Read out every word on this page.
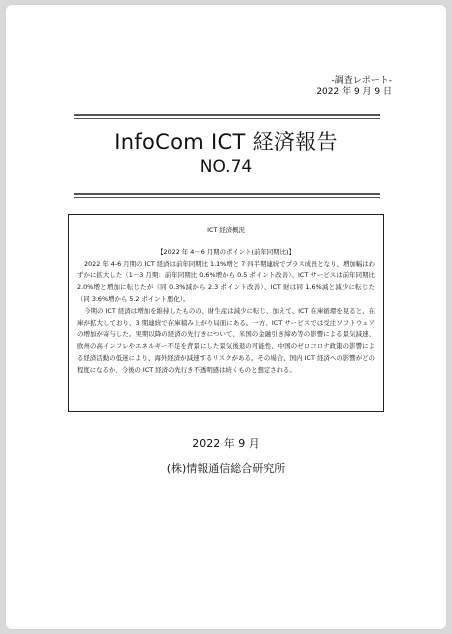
-調査レポート-
2022 年 9 月 9 日
InfoCom ICT 経済報告
NO.74
ICT 経済概況
【2022 年 4－6 月期のポイント(前年同期比)】
2022 年 4-6 月期の ICT 経済は前年同期比 1.1%増と 7 四半期連続でプラス成長となり、増加幅はわずかに拡大した（1－3 月期：前年同期比 0.6%増から 0.5 ポイント改善）。ICT サービスは前年同期比 2.0%増と増加に転じたが（同 0.3%減から 2.3 ポイント改善）、ICT 財は同 1.6%減と減少に転じた（同 3.6%増から 5.2 ポイント悪化）。
今期の ICT 経済は増加を維持したものの、財生産は減少に転じ、加えて、ICT 在庫循環を見ると、在庫が拡大しており、3 期連続で在庫積み上がり局面にある。一方、ICT サービスでは受注ソフトウェアの増加が寄与した。実期以降の経済の先行きについて、米国の金融引き締め等の影響による景気減速、欧州の高インフレやエネルギー不足を背景にした景気後退の可能性、中国のゼロコロナ政策の影響による経済活動の低迷により、海外経済が減速するリスクがある。その場合、国内 ICT 経済への影響がどの程度になるか、今後の ICT 経済の先行き不透明感は続くものと想定される。
2022 年 9 月
(株)情報通信総合研究所
